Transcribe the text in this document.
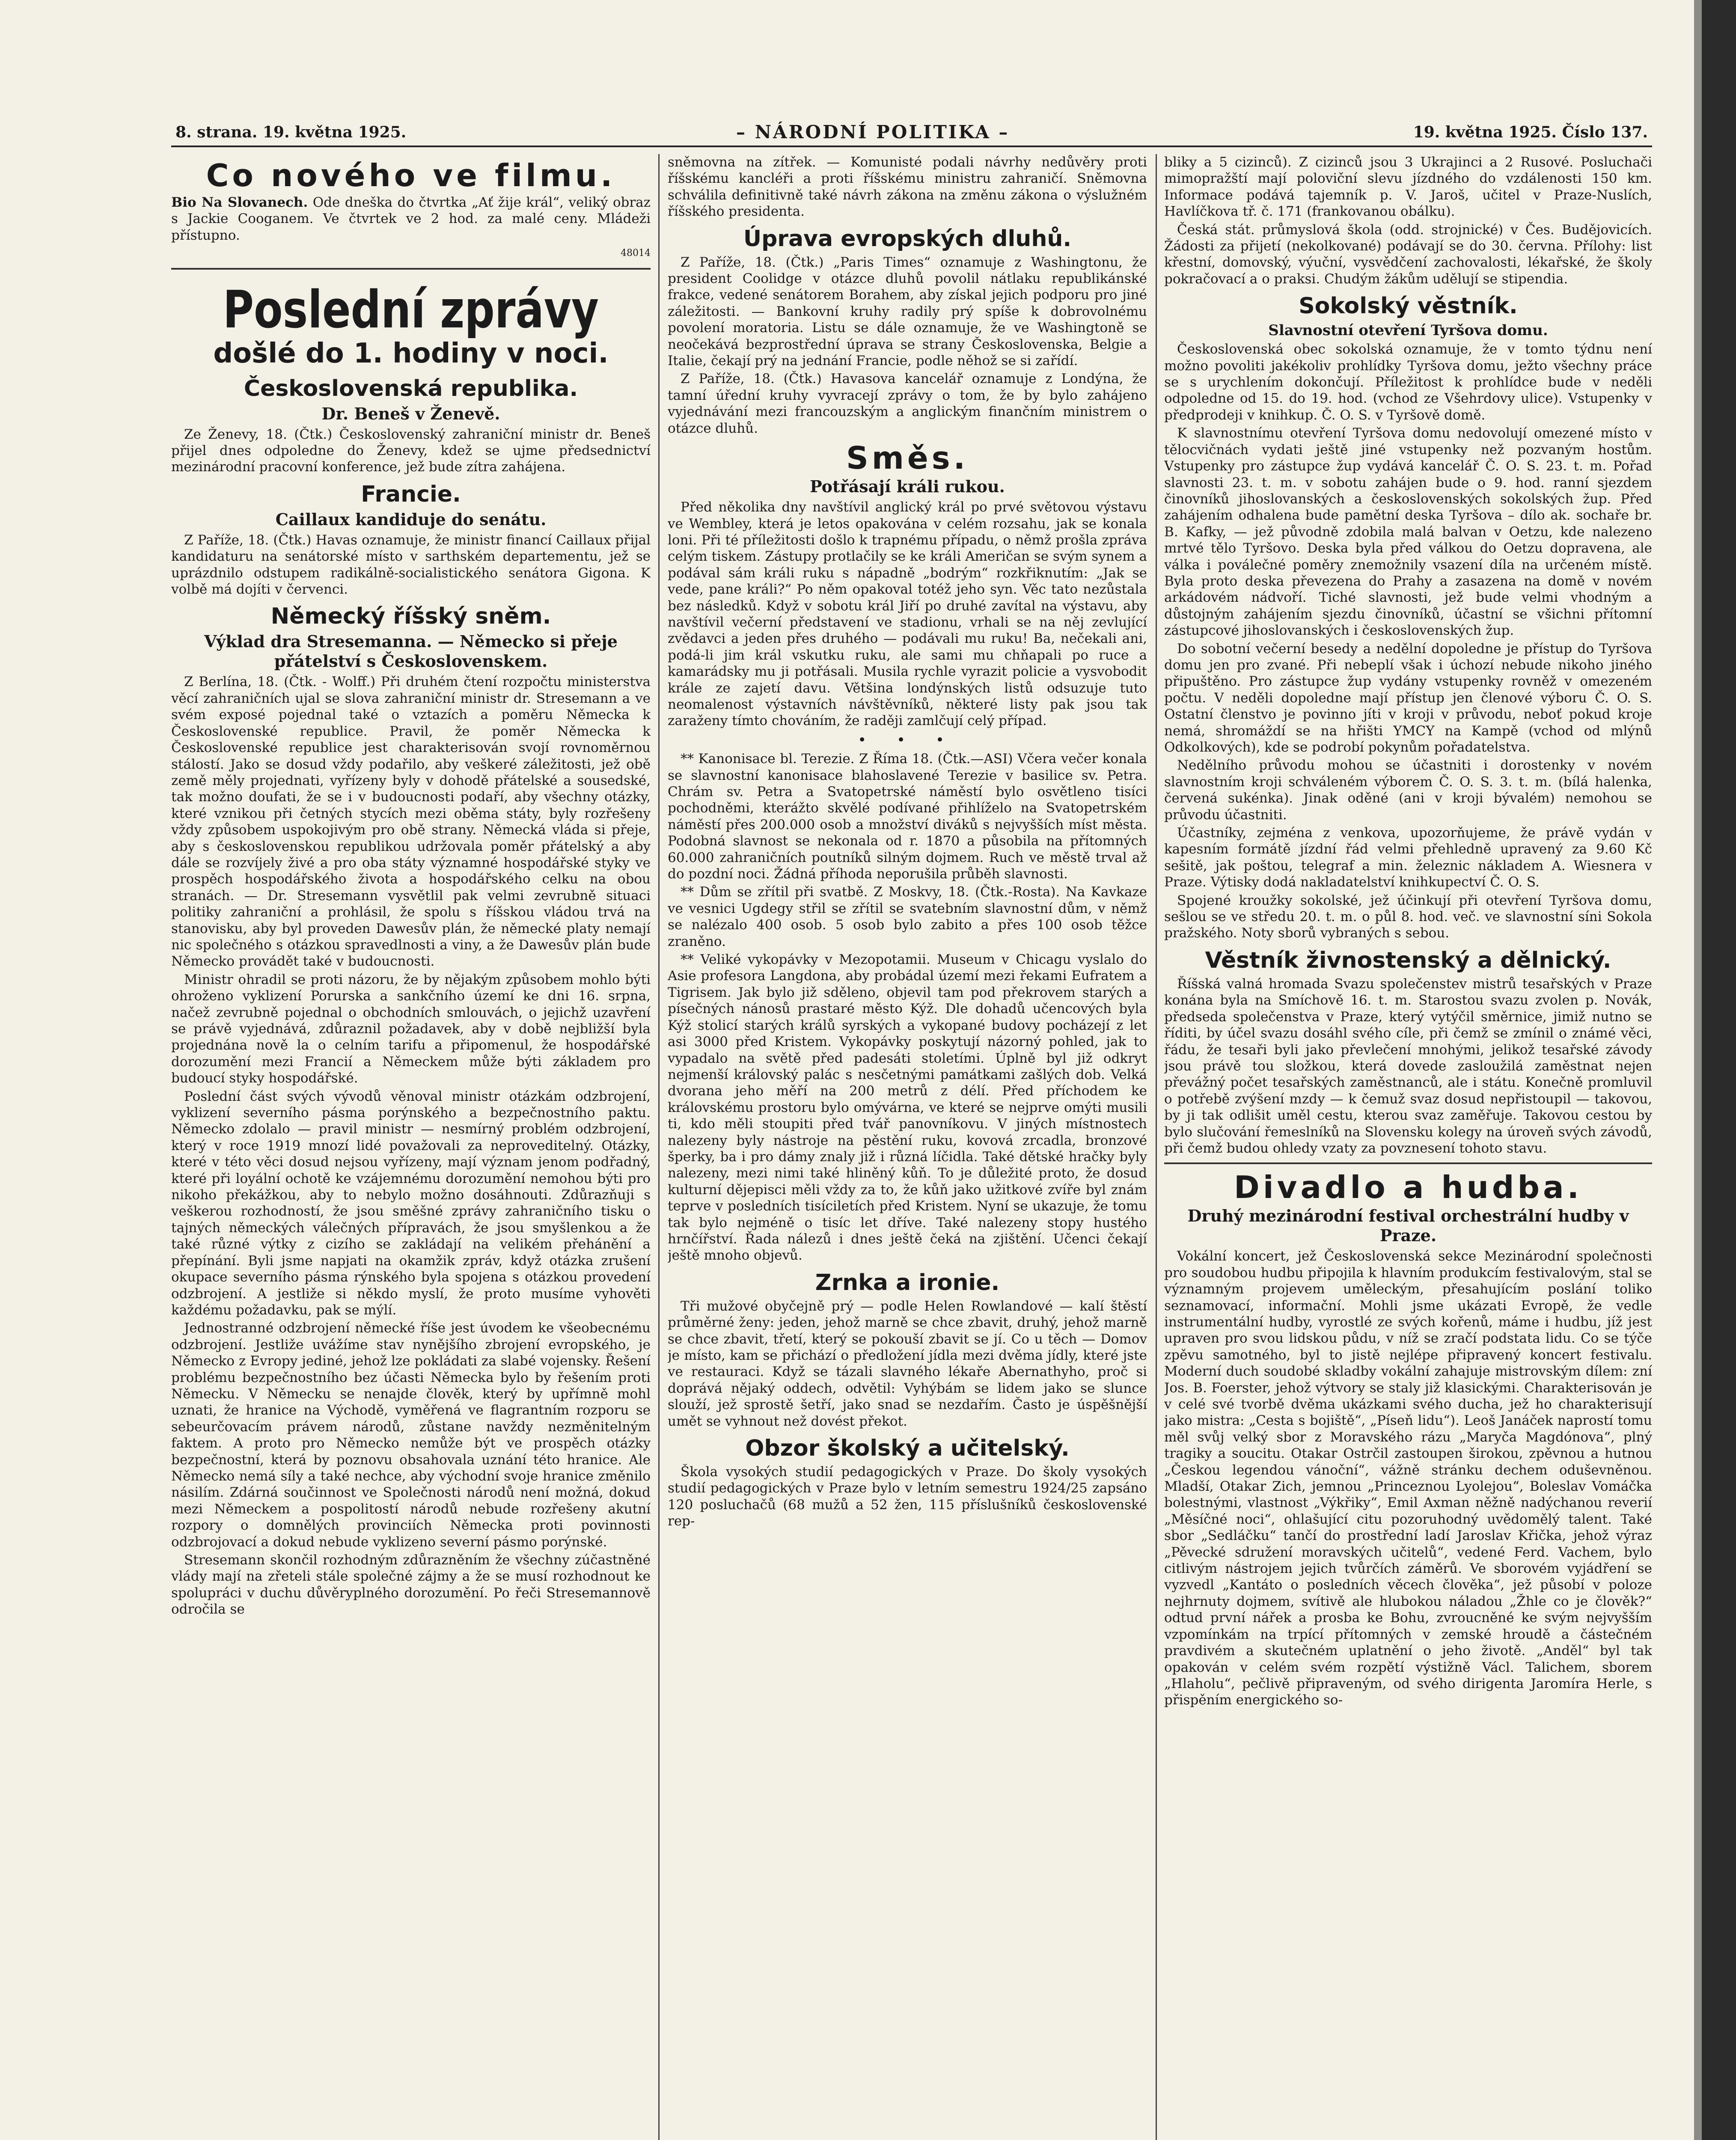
8. strana. 19. května 1925.	– NÁRODNÍ POLITIKA –	19. května 1925. Číslo 137.
Co nového ve filmu.

Bio Na Slovanech. Ode dneška do čtvrtka „Ať žije král“, veliký obraz s Jackie Cooganem. Ve čtvrtek ve 2 hod. za malé ceny. Mládeži přístupno.

48014
Poslední zprávy
došlé do 1. hodiny v noci.
Československá republika.
Dr. Beneš v Ženevě.

Ze Ženevy, 18. (Čtk.) Československý zahraniční ministr dr. Beneš přijel dnes odpoledne do Ženevy, kdež se ujme předsednictví mezinárodní pracovní konference, jež bude zítra zahájena.

Francie.
Caillaux kandiduje do senátu.

Z Paříže, 18. (Čtk.) Havas oznamuje, že ministr financí Caillaux přijal kandidaturu na senátorské místo v sarthském departementu, jež se uprázdnilo odstupem radikálně-socialistického senátora Gigona. K volbě má dojíti v červenci.

Německý říšský sněm.
Výklad dra Stresemanna. — Německo si přeje přátelství s Československem.

Z Berlína, 18. (Čtk. - Wolff.) Při druhém čtení rozpočtu ministerstva věcí zahraničních ujal se slova zahraniční ministr dr. Stresemann a ve svém exposé pojednal také o vztazích a poměru Německa k Československé republice. Pravil, že poměr Německa k Československé republice jest charakterisován svojí rovnoměrnou stálostí. Jako se dosud vždy podařilo, aby veškeré záležitosti, jež obě země měly projednati, vyřízeny byly v dohodě přátelské a sousedské, tak možno doufati, že se i v budoucnosti podaří, aby všechny otázky, které vznikou při četných stycích mezi oběma státy, byly rozřešeny vždy způsobem uspokojivým pro obě strany. Německá vláda si přeje, aby s československou republikou udržovala poměr přátelský a aby dále se rozvíjely živé a pro oba státy významné hospodářské styky ve prospěch hospodářského života a hospodářského celku na obou stranách. — Dr. Stresemann vysvětlil pak velmi zevrubně situaci politiky zahraniční a prohlásil, že spolu s říšskou vládou trvá na stanovisku, aby byl proveden Dawesův plán, že německé platy nemají nic společného s otázkou spravedlnosti a viny, a že Dawesův plán bude Německo provádět také v budoucnosti.

Ministr ohradil se proti názoru, že by nějakým způsobem mohlo býti ohroženo vyklizení Porurska a sankčního území ke dni 16. srpna, načež zevrubně pojednal o obchodních smlouvách, o jejichž uzavření se právě vyjednává, zdůraznil požadavek, aby v době nejbližší byla projednána nově la o celním tarifu a připomenul, že hospodářské dorozumění mezi Francií a Německem může býti základem pro budoucí styky hospodářské.

Poslední část svých vývodů věnoval ministr otázkám odzbrojení, vyklizení severního pásma porýnského a bezpečnostního paktu. Německo zdolalo — pravil ministr — nesmírný problém odzbrojení, který v roce 1919 mnozí lidé považovali za neproveditelný. Otázky, které v této věci dosud nejsou vyřízeny, mají význam jenom podřadný, které při loyální ochotě ke vzájemnému dorozumění nemohou býti pro nikoho překážkou, aby to nebylo možno dosáhnouti. Zdůrazňuji s veškerou rozhodností, že jsou směšné zprávy zahraničního tisku o tajných německých válečných přípravách, že jsou smyšlenkou a že také různé výtky z cizího se zakládají na velikém přehánění a přepínání. Byli jsme napjati na okamžik zpráv, když otázka zrušení okupace severního pásma rýnského byla spojena s otázkou provedení odzbrojení. A jestliže si někdo myslí, že proto musíme vyhověti každému požadavku, pak se mýlí.

Jednostranné odzbrojení německé říše jest úvodem ke všeobecnému odzbrojení. Jestliže uvážíme stav nynějšího zbrojení evropského, je Německo z Evropy jediné, jehož lze pokládati za slabé vojensky. Řešení problému bezpečnostního bez účasti Německa bylo by řešením proti Německu. V Německu se nenajde člověk, který by upřímně mohl uznati, že hranice na Východě, vyměřená ve flagrantním rozporu se sebeurčovacím právem národů, zůstane navždy nezměnitelným faktem. A proto pro Německo nemůže být ve prospěch otázky bezpečnostní, která by poznovu obsahovala uznání této hranice. Ale Německo nemá síly a také nechce, aby východní svoje hranice změnilo násilím. Zdárná součinnost ve Společnosti národů není možná, dokud mezi Německem a pospolitostí národů nebude rozřešeny akutní rozpory o domnělých provinciích Německa proti povinnosti odzbrojovací a dokud nebude vyklizeno severní pásmo porýnské.

Stresemann skončil rozhodným zdůrazněním že všechny zúčastněné vlády mají na zřeteli stále společné zájmy a že se musí rozhodnout ke spolupráci v duchu důvěryplného dorozumění. Po řeči Stresemannově odročila se

sněmovna na zítřek. — Komunisté podali návrhy nedůvěry proti říšskému kancléři a proti říšskému ministru zahraničí. Sněmovna schválila definitivně také návrh zákona na změnu zákona o výslužném říšského presidenta.

Úprava evropských dluhů.

Z Paříže, 18. (Čtk.) „Paris Times“ oznamuje z Washingtonu, že president Coolidge v otázce dluhů povolil nátlaku republikánské frakce, vedené senátorem Borahem, aby získal jejich podporu pro jiné záležitosti. — Bankovní kruhy radily prý spíše k dobrovolnému povolení moratoria. Listu se dále oznamuje, že ve Washingtoně se neočekává bezprostřední úprava se strany Československa, Belgie a Italie, čekají prý na jednání Francie, podle něhož se si zařídí.

Z Paříže, 18. (Čtk.) Havasova kancelář oznamuje z Londýna, že tamní úřední kruhy vyvracejí zprávy o tom, že by bylo zahájeno vyjednávání mezi francouzským a anglickým finančním ministrem o otázce dluhů.

Směs.
Potřásají králi rukou.

Před několika dny navštívil anglický král po prvé světovou výstavu ve Wembley, která je letos opakována v celém rozsahu, jak se konala loni. Při té příležitosti došlo k trapnému případu, o němž prošla zpráva celým tiskem. Zástupy protlačily se ke králi Američan se svým synem a podával sám králi ruku s nápadně „bodrým“ rozkřiknutím: „Jak se vede, pane králi?“ Po něm opakoval totéž jeho syn. Věc tato nezůstala bez následků. Když v sobotu král Jiří po druhé zavítal na výstavu, aby navštívil večerní představení ve stadionu, vrhali se na něj zevlující zvědavci a jeden přes druhého — podávali mu ruku! Ba, nečekali ani, podá-li jim král vskutku ruku, ale sami mu chňapali po ruce a kamarádsky mu ji potřásali. Musila rychle vyrazit policie a vysvobodit krále ze zajetí davu. Většina londýnských listů odsuzuje tuto neomalenost výstavních návštěvníků, některé listy pak jsou tak zaraženy tímto chováním, že raději zamlčují celý případ.

• • •

** Kanonisace bl. Terezie. Z Říma 18. (Čtk.—ASI) Včera večer konala se slavnostní kanonisace blahoslavené Terezie v basilice sv. Petra. Chrám sv. Petra a Svatopetrské náměstí bylo osvětleno tisíci pochodněmi, kterážto skvělé podívané přihlíželo na Svatopetrském náměstí přes 200.000 osob a množství diváků s nejvyšších míst města. Podobná slavnost se nekonala od r. 1870 a působila na přítomných 60.000 zahraničních poutníků silným dojmem. Ruch ve městě trval až do pozdní noci. Žádná příhoda nepor​ušila průběh slavnosti.

** Dům se zřítil při svatbě. Z Moskvy, 18. (Čtk.-Rosta). Na Kavkaze ve vesnici Ugdegy střil se zřítil se svatebním slavnostní dům, v němž se nalézalo 400 osob. 5 osob bylo zabito a přes 100 osob těžce zraněno.

** Veliké vykopávky v Mezopotamii. Museum v Chicagu vyslalo do Asie profesora Langdona, aby probádal území mezi řekami Eufratem a Tigrisem. Jak bylo již sděleno, objevil tam pod překrovem starých a písečných nánosů prastaré město Kýž. Dle dohadů učencových byla Kýž stolicí starých králů syrských a vykopané budovy pocházejí z let asi 3000 před Kristem. Vykopávky poskytují názorný pohled, jak to vypadalo na světě před padesáti stoletími. Úplně byl již odkryt nejmenší královský palác s nesčetnými památkami zašlých dob. Velká dvorana jeho měří na 200 metrů z délí. Před příchodem ke královskému prostoru bylo omývárna, ve které se nejprve omýti musili ti, kdo měli stoupiti před tvář panovníkovu. V jiných místnostech nalezeny byly nástroje na pěstění ruku, kovová zrcadla, bronzové šperky, ba i pro dámy znaly již i různá líčidla. Také dětské hračky byly nalezeny, mezi nimi také hliněný kůň. To je důležité proto, že dosud kulturní dějepisci měli vždy za to, že kůň jako užitkové zvíře byl znám teprve v posledních tisíciletích před Kristem. Nyní se ukazuje, že tomu tak bylo nejméně o tisíc let dříve. Také nalezeny stopy hustého hrnčířství. Řada nálezů i dnes ještě čeká na zjištění. Učenci čekají ještě mnoho objevů.

Zrnka a ironie.

Tři mužové obyčejně prý — podle Helen Rowlandové — kalí štěstí průměrné ženy: jeden, jehož marně se chce zbavit, druhý, jehož marně se chce zbavit, třetí, který se pokouší zbavit se jí. Co u těch — Domov je místo, kam se přichází o předložení jídla mezi dvěma jídly, které jste ve restauraci. Když se tázali slavného lékaře Abernathyho, proč si doprává nějaký oddech, odvětil: Vyhýbám se lidem jako se slunce slouží, jež sprostě šetří, jako snad se nezdařím. Často je úspěšnější umět se vyhnout než dovést překot.

Obzor školský a učitelský.

Škola vysokých studií pedagogických v Praze. Do školy vysokých studií pedagogických v Praze bylo v letním semestru 1924/25 zapsáno 120 posluchačů (68 mužů a 52 žen, 115 příslušníků československé rep-

bliky a 5 cizinců). Z cizinců jsou 3 Ukrajinci a 2 Rusové. Posluchači mimopražští mají poloviční slevu jízdného do vzdálenosti 150 km. Informace podává tajemník p. V. Jaroš, učitel v Praze-Nuslích, Havlíčkova tř. č. 171 (frankovanou obálku).

Česká stát. průmyslová škola (odd. strojnické) v Čes. Budějovicích. Žádosti za přijetí (nekolkované) podávají se do 30. června. Přílohy: list křestní, domovský, výuční, vysvědčení zachovalosti, lékařské, že školy pokračovací a o praksi. Chudým žákům udělují se stipendia.

Sokolský věstník.
Slavnostní otevření Tyršova domu.

Československá obec sokolská oznamuje, že v tomto týdnu není možno povoliti jakékoliv prohlídky Tyršova domu, ježto všechny práce se s urychlením dokončují. Příležitost k prohlídce bude v neděli odpoledne od 15. do 19. hod. (vchod ze Všehrdovy ulice). Vstupenky v předprodeji v knihkup. Č. O. S. v Tyršově domě.

K slavnostnímu otevření Tyršova domu nedovolují omezené místo v tělocvičnách vydati ještě jiné vstupenky než pozvaným hostům. Vstupenky pro zástupce žup vydává kancelář Č. O. S. 23. t. m. Pořad slavnosti 23. t. m. v sobotu zahájen bude o 9. hod. ranní sjezdem činovníků jihoslovanských a československých sokolských žup. Před zahájením odhalena bude pamětní deska Tyršova – dílo ak. sochaře br. B. Kafky, — jež původně zdobila malá balvan v Oetzu, kde nalezeno mrtvé tělo Tyršovo. Deska byla před válkou do Oetzu dopravena, ale válka i poválečné poměry znemožnily vsazení díla na určeném místě. Byla proto deska převezena do Prahy a zasazena na domě v novém arkádovém nádvoří. Tiché slavnosti, jež bude velmi vhodným a důstojným zahájením sjezdu činovníků, účastní se všichni přítomní zástupcové jihoslovanských i československých žup.

Do sobotní večerní besedy a nedělní dopoledne je přístup do Tyršova domu jen pro zvané. Při nebeplí však i úchozí nebude nikoho jiného připuštěno. Pro zástupce žup vydány vstupenky rovněž v omezeném počtu. V neděli dopoledne mají přístup jen členové výboru Č. O. S. Ostatní členstvo je povinno jíti v kroji v průvodu, neboť pokud kroje nemá, shromáždí se na hřišti YMCY na Kampě (vchod od mlýnů Odkolkových), kde se podrobí pokynům pořadatelstva.

Nedělního průvodu mohou se účastniti i dorostenky v novém slavnostním kroji schváleném výborem Č. O. S. 3. t. m. (bílá halenka, červená sukénka). Jinak oděné (ani v kroji bývalém) nemohou se průvodu účastniti.

Účastníky, zejména z venkova, upozorňujeme, že právě vydán v kapesním formátě jízdní řád velmi přehledně upravený za 9.60 Kč sešitě, jak poštou, telegraf a min. železnic nákladem A. Wiesnera v Praze. Výtisky dodá nakladatelství knihkupectví Č. O. S.

Spojené kroužky sokolské, jež účinkují při otevření Tyršova domu, sešlou se ve středu 20. t. m. o půl 8. hod. več. ve slavnostní síni Sokola pražského. Noty sborů vybraných s sebou.

Věstník živnostenský a dělnický.

Říšská valná hromada Svazu společenstev mistrů tesařských v Praze konána byla na Smíchově 16. t. m. Starostou svazu zvolen p. Novák, předseda společenstva v Praze, který vytýčil směrnice, jimiž nutno se říditi, by účel svazu dosáhl svého cíle, při čemž se zmínil o známé věci, řádu, že tesaři byli jako převlečení mnohými, jelikož tesařské závody jsou právě tou složkou, která dovede zasloužilá zaměstnat nejen převážný počet tesařských zaměstnanců, ale i státu. Konečně promluvil o potřebě zvýšení mzdy — k čemuž svaz dosud nepřistoupil — takovou, by ji tak odlišit uměl cestu, kterou svaz zaměřuje. Takovou cestou by bylo slučování řemeslníků na Slovensku kolegy na úroveň svých závodů, při čemž budou ohledy vzaty za povznesení tohoto stavu.

Divadlo a hudba.
Druhý mezinárodní festival orchestrální hudby v Praze.

Vokální koncert, jež Československá sekce Mezinárodní společnosti pro soudobou hudbu připojila k hlavním produkcím festivalovým, stal se významným projevem uměleckým, přesahujícím poslání toliko seznamovací, informační. Mohli jsme ukázati Evropě, že vedle instrumentální hudby, vyrostlé ze svých kořenů, máme i hudbu, jíž jest upraven pro svou lidskou půdu, v níž se zračí podstata lidu. Co se týče zpěvu samotného, byl to jistě nejlépe připravený koncert festivalu. Moderní duch soudobé skladby vokální zahajuje mistrovským dílem: zní Jos. B. Foerster, jehož výtvory se staly již klasickými. Charakterisován je v celé své tvorbě dvěma ukázkami svého ducha, jež ho charakterisují jako mistra: „Cesta s bojiště“, „Píseň lidu“). Leoš Janáček naprostí tomu měl svůj velký sbor z Moravského rázu „Maryča Magdónova“, plný tragiky a soucitu. Otakar Ostrčil zastoupen širokou, zpěvnou a hutnou „Českou legendou vánoční“, vážně stránku dechem oduševněnou. Mladší, Otakar Zich, jemnou „Princeznou Lyolejou“, Boleslav Vomáčka bolestnými, vlastnost „Výkřiky“, Emil Axman něžně nadýchanou reverií „Měsíčné noci“, ohlašující citu pozoruhodný uvědomělý talent. Také sbor „Sedláčku“ tančí do prostřední ladí Jaroslav Křička, jehož výraz „Pěvecké sdružení moravských učitelů“, vedené Ferd. Vachem, bylo citlivým nástrojem jejich tvůrčích záměrů. Ve sborovém vyjádření se vyzvedl „Kantáto o posledních věcech člověka“, jež působí v poloze nejhrnuty dojmem, svítivě ale hlubokou náladou „Žhle co je člověk?“ odtud první nářek a prosba ke Bohu, zvroucněné ke svým nejvyšším vzpomínkám na trpící přítomných v zemské hroudě a částečném pravdivém a skutečném uplatnění o jeho životě. „Anděl“ byl tak opakován v celém svém rozpětí výstižně Václ. Talichem, sborem „Hlaholu“, pečlivě připraveným, od svého dirigenta Jaromíra Herle, s přispěním energického so-
